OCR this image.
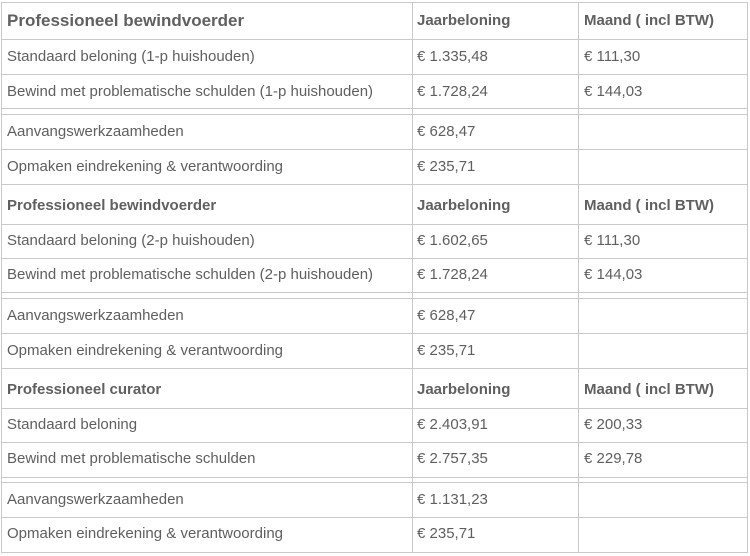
Professioneel bewindvoerder	Jaarbeloning	Maand ( incl BTW)
Standaard beloning (1-p huishouden)	€ 1.335,48	€ 111,30
Bewind met problematische schulden (1-p huishouden)	€ 1.728,24	€ 144,03
Aanvangswerkzaamheden	€ 628,47
Opmaken eindrekening & verantwoording	€ 235,71
Professioneel bewindvoerder	Jaarbeloning	Maand ( incl BTW)
Standaard beloning (2-p huishouden)	€ 1.602,65	€ 111,30
Bewind met problematische schulden (2-p huishouden)	€ 1.728,24	€ 144,03
Aanvangswerkzaamheden	€ 628,47
Opmaken eindrekening & verantwoording	€ 235,71
Professioneel curator	Jaarbeloning	Maand ( incl BTW)
Standaard beloning	€ 2.403,91	€ 200,33
Bewind met problematische schulden	€ 2.757,35	€ 229,78
Aanvangswerkzaamheden	€ 1.131,23
Opmaken eindrekening & verantwoording	€ 235,71
